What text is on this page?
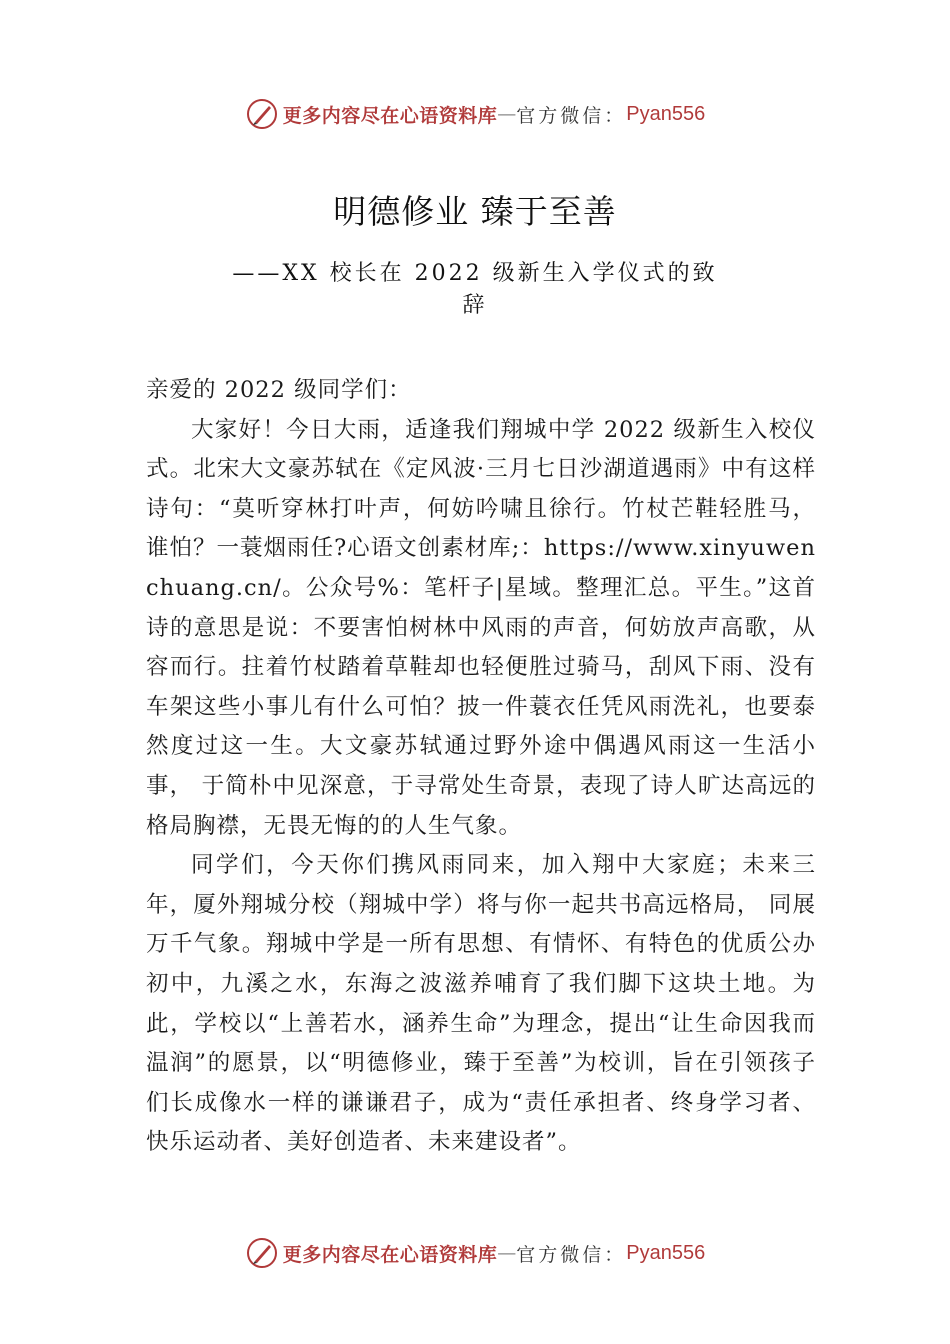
更多内容尽在心语资料库 — 官方微信： Pyan556
明德修业 臻于至善
——XX 校长在 2022 级新生入学仪式的致辞

亲爱的 2022 级同学们：

大家好！今日大雨，适逢我们翔城中学 2022 级新生入校仪式。北宋大文豪苏轼在《定风波·三月七日沙湖道遇雨》中有这样诗句：“莫听穿林打叶声，何妨吟啸且徐行。竹杖芒鞋轻胜马，谁怕？一蓑烟雨任?心语文创素材库;：https://www.xinyuwenchuang.cn/。公众号%：笔杆子|星域。整理汇总。平生。”这首诗的意思是说：不要害怕树林中风雨的声音，何妨放声高歌，从容而行。拄着竹杖踏着草鞋却也轻便胜过骑马，刮风下雨、没有车架这些小事儿有什么可怕？披一件蓑衣任凭风雨洗礼，也要泰然度过这一生。大文豪苏轼通过野外途中偶遇风雨这一生活小事， 于简朴中见深意，于寻常处生奇景，表现了诗人旷达高远的格局胸襟，无畏无悔的的人生气象。

同学们，今天你们携风雨同来，加入翔中大家庭；未来三年，厦外翔城分校（翔城中学）将与你一起共书高远格局， 同展万千气象。翔城中学是一所有思想、有情怀、有特色的优质公办初中，九溪之水，东海之波滋养哺育了我们脚下这块土地。为此，学校以“上善若水，涵养生命”为理念，提出“让生命因我而温润”的愿景，以“明德修业，臻于至善”为校训，旨在引领孩子们长成像水一样的谦谦君子，成为“责任承担者、终身学习者、快乐运动者、美好创造者、未来建设者”。

更多内容尽在心语资料库 — 官方微信： Pyan556
